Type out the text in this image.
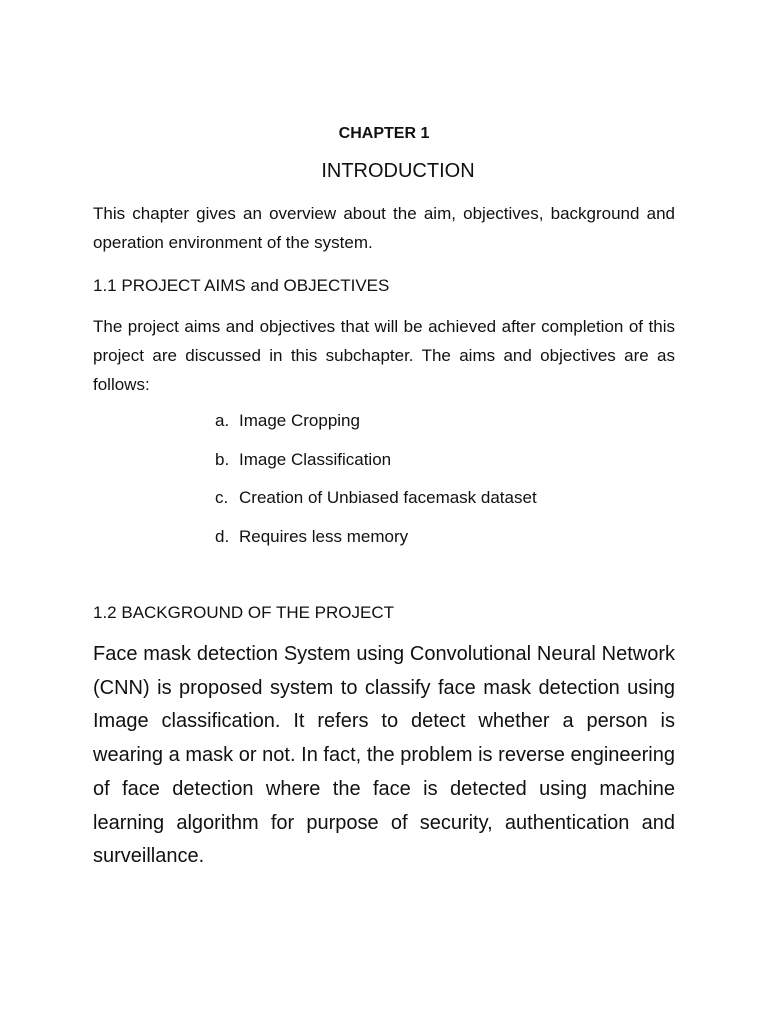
CHAPTER 1
INTRODUCTION

This chapter gives an overview about the aim, objectives, background and operation environment of the system.

1.1 PROJECT AIMS and OBJECTIVES

The project aims and objectives that will be achieved after completion of this project are discussed in this subchapter. The aims and objectives are as follows:

a. Image Cropping
b. Image Classification
c. Creation of Unbiased facemask dataset
d. Requires less memory
1.2 BACKGROUND OF THE PROJECT

Face mask detection System using Convolutional Neural Network (CNN) is proposed system to classify face mask detection using Image classification. It refers to detect whether a person is wearing a mask or not. In fact, the problem is reverse engineering of face detection where the face is detected using machine learning algorithm for purpose of security, authentication and surveillance.
